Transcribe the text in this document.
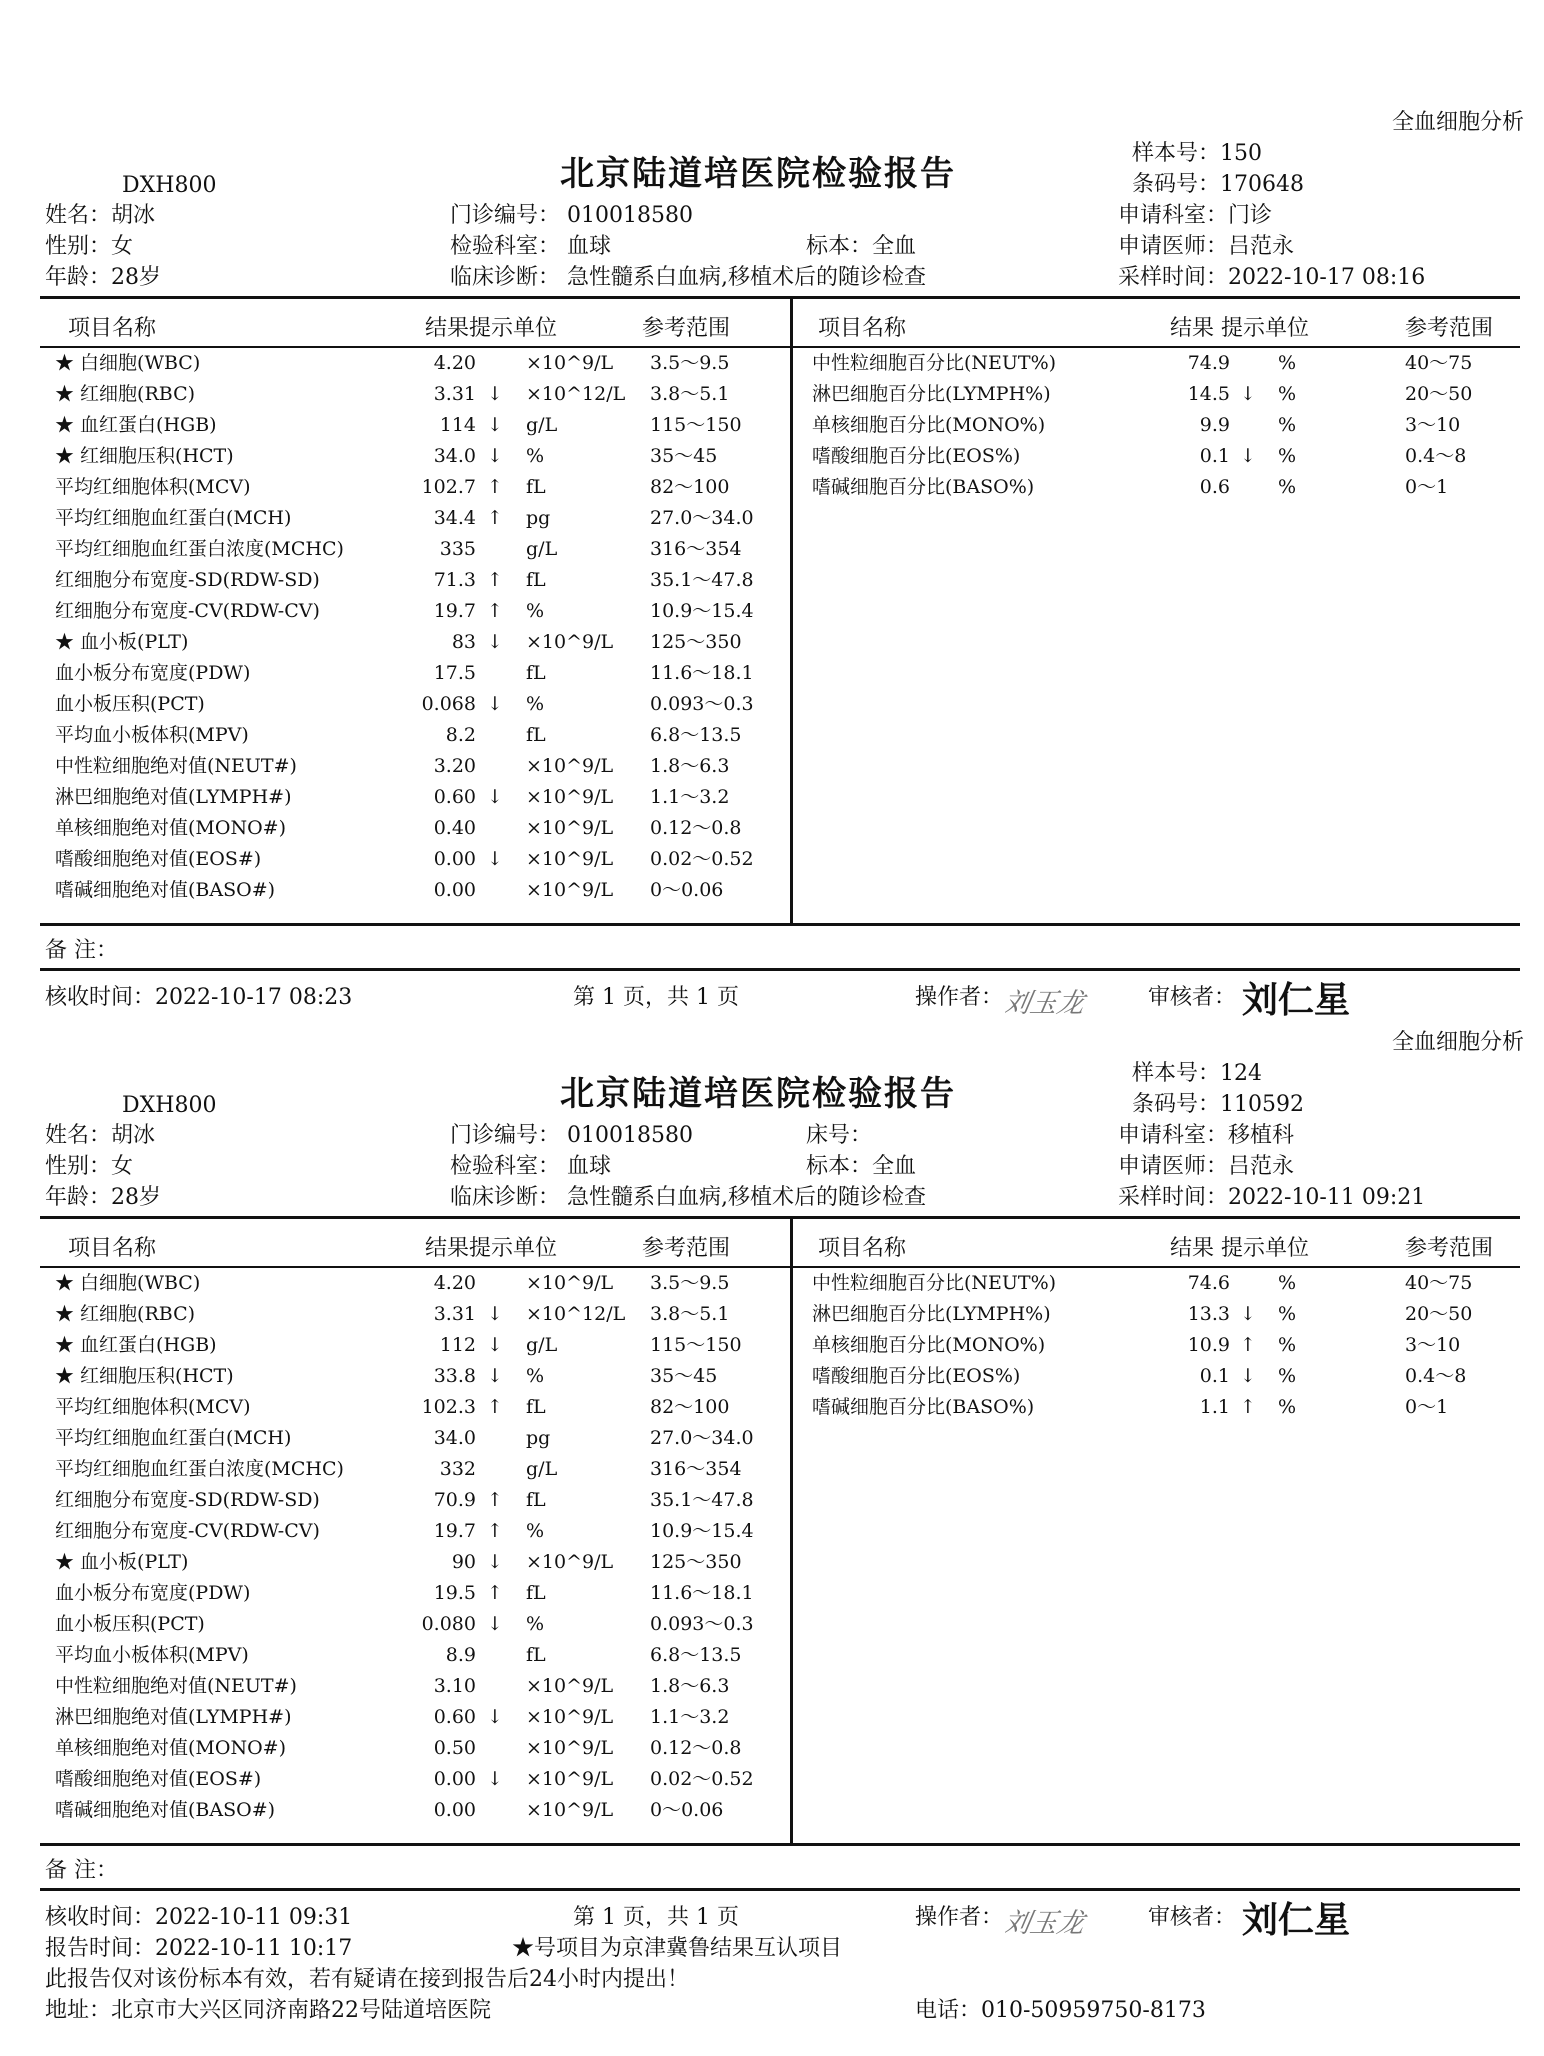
全血细胞分析
DXH800	北京陆道培医院检验报告
样本号：150
条码号：170648
姓名：胡冰
性别：女
年龄：28岁
门诊编号： 010018580
检验科室： 血球
临床诊断： 急性髓系白血病,移植术后的随诊检查
标本：全血
申请科室：门诊
申请医师：吕范永
采样时间：2022-10-17 08:16
项目名称	结果提示单位	参考范围	项目名称	结果 提示单位	参考范围
★ 白细胞(WBC)	4.20	×10^9/L 3.5～9.5
★ 红细胞(RBC)	3.31 ↓ ×10^12/L 3.8～5.1
★ 血红蛋白(HGB)	114 ↓ g/L	115～150
★ 红细胞压积(HCT)	34.0 ↓ %	35～45
平均红细胞体积(MCV)	102.7 ↑ fL	82～100
平均红细胞血红蛋白(MCH)	34.4 ↑ pg	27.0～34.0
平均红细胞血红蛋白浓度(MCHC)	335	g/L	316～354
红细胞分布宽度-SD(RDW-SD)	71.3 ↑ fL	35.1～47.8
红细胞分布宽度-CV(RDW-CV)	19.7 ↑ %	10.9～15.4
★ 血小板(PLT)	83 ↓ ×10^9/L 125～350
血小板分布宽度(PDW)	17.5	fL	11.6～18.1
血小板压积(PCT)	0.068 ↓ %	0.093～0.3
平均血小板体积(MPV)	8.2	fL	6.8～13.5
中性粒细胞绝对值(NEUT#)	3.20	×10^9/L 1.8～6.3
淋巴细胞绝对值(LYMPH#)	0.60 ↓ ×10^9/L 1.1～3.2
单核细胞绝对值(MONO#)	0.40	×10^9/L 0.12～0.8
嗜酸细胞绝对值(EOS#)	0.00 ↓ ×10^9/L 0.02～0.52
嗜碱细胞绝对值(BASO#)	0.00	×10^9/L 0～0.06
中性粒细胞百分比(NEUT%)	74.9	%	40～75
淋巴细胞百分比(LYMPH%)	14.5 ↓ %	20～50
单核细胞百分比(MONO%)	9.9	%	3～10
嗜酸细胞百分比(EOS%)	0.1 ↓ %	0.4～8
嗜碱细胞百分比(BASO%)	0.6	%	0～1
备 注：
核收时间：2022-10-17 08:23	第 1 页，共 1 页	操作者：
刘玉龙	审核者： 刘仁星
全血细胞分析
DXH800	北京陆道培医院检验报告
样本号：124
条码号：110592
姓名：胡冰
性别：女
年龄：28岁
门诊编号： 010018580
检验科室： 血球
临床诊断： 急性髓系白血病,移植术后的随诊检查
床号：
标本：全血
申请科室：移植科
申请医师：吕范永
采样时间：2022-10-11 09:21
项目名称	结果提示单位	参考范围	项目名称	结果 提示单位	参考范围
★ 白细胞(WBC)	4.20	×10^9/L 3.5～9.5
★ 红细胞(RBC)	3.31 ↓ ×10^12/L 3.8～5.1
★ 血红蛋白(HGB)	112 ↓ g/L	115～150
★ 红细胞压积(HCT)	33.8 ↓ %	35～45
平均红细胞体积(MCV)	102.3 ↑ fL	82～100
平均红细胞血红蛋白(MCH)	34.0	pg	27.0～34.0
平均红细胞血红蛋白浓度(MCHC)	332	g/L	316～354
红细胞分布宽度-SD(RDW-SD)	70.9 ↑ fL	35.1～47.8
红细胞分布宽度-CV(RDW-CV)	19.7 ↑ %	10.9～15.4
★ 血小板(PLT)	90 ↓ ×10^9/L 125～350
血小板分布宽度(PDW)	19.5 ↑ fL	11.6～18.1
血小板压积(PCT)	0.080 ↓ %	0.093～0.3
平均血小板体积(MPV)	8.9	fL	6.8～13.5
中性粒细胞绝对值(NEUT#)	3.10	×10^9/L 1.8～6.3
淋巴细胞绝对值(LYMPH#)	0.60 ↓ ×10^9/L 1.1～3.2
单核细胞绝对值(MONO#)	0.50	×10^9/L 0.12～0.8
嗜酸细胞绝对值(EOS#)	0.00 ↓ ×10^9/L 0.02～0.52
嗜碱细胞绝对值(BASO#)	0.00	×10^9/L 0～0.06
中性粒细胞百分比(NEUT%)	74.6	%	40～75
淋巴细胞百分比(LYMPH%)	13.3 ↓ %	20～50
单核细胞百分比(MONO%)	10.9 ↑ %	3～10
嗜酸细胞百分比(EOS%)	0.1 ↓ %	0.4～8
嗜碱细胞百分比(BASO%)	1.1 ↑ %	0～1
备 注：
核收时间：2022-10-11 09:31
报告时间：2022-10-11 10:17
第 1 页，共 1 页
★号项目为京津冀鲁结果互认项目
此报告仅对该份标本有效，若有疑请在接到报告后24小时内提出！
地址：北京市大兴区同济南路22号陆道培医院	电话：010-50959750-8173
操作者：
刘玉龙	审核者： 刘仁星
